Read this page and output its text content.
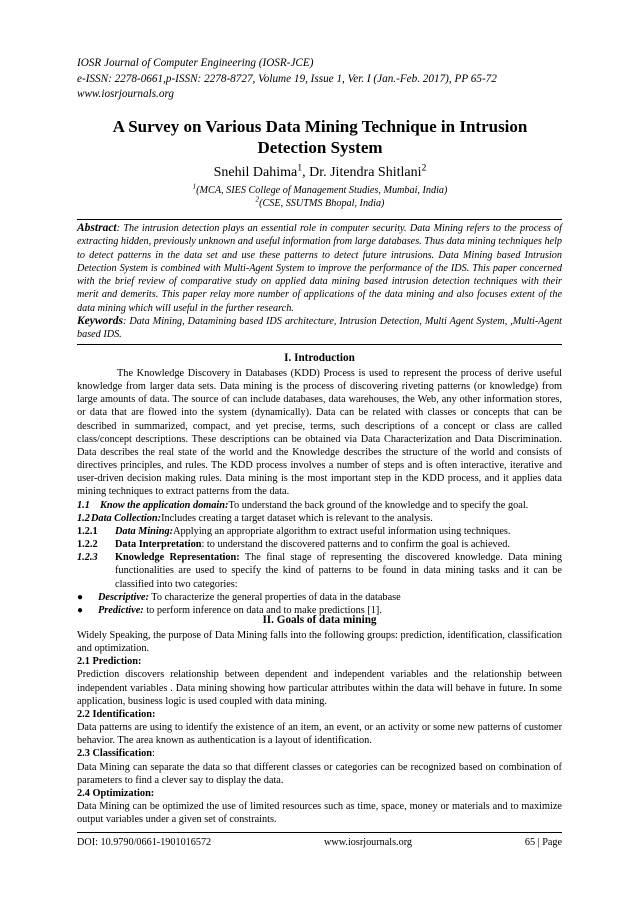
IOSR Journal of Computer Engineering (IOSR-JCE)
e-ISSN: 2278-0661,p-ISSN: 2278-8727, Volume 19, Issue 1, Ver. I (Jan.-Feb. 2017), PP 65-72
www.iosrjournals.org
A Survey on Various Data Mining Technique in Intrusion
Detection System
Snehil Dahima$^1$, Dr. Jitendra Shitlani$^2$
$^1$(MCA, SIES College of Management Studies, Mumbai, India)
$^2$(CSE, SSUTMS Bhopal, India)

Abstract: The intrusion detection plays an essential role in computer security. Data Mining refers to the process of extracting hidden, previously unknown and useful information from large databases. Thus data mining techniques help to detect patterns in the data set and use these patterns to detect future intrusions. Data Mining based Intrusion Detection System is combined with Multi-Agent System to improve the performance of the IDS. This paper concerned with the brief review of comparative study on applied data mining based intrusion detection techniques with their merit and demerits. This paper relay more number of applications of the data mining and also focuses extent of the data mining which will useful in the further research.

Keywords: Data Mining, Datamining based IDS architecture, Intrusion Detection, Multi Agent System, ,Multi-Agent based IDS.

I. Introduction

The Knowledge Discovery in Databases (KDD) Process is used to represent the process of derive useful knowledge from larger data sets. Data mining is the process of discovering riveting patterns (or knowledge) from large amounts of data. The source of can include databases, data warehouses, the Web, any other information stores, or data that are flowed into the system (dynamically). Data can be related with classes or concepts that can be described in summarized, compact, and yet precise, terms, such descriptions of a concept or class are called class/concept descriptions. These descriptions can be obtained via Data Characterization and Data Discrimination. Data describes the real state of the world and the Knowledge describes the structure of the world and consists of directives principles, and rules. The KDD process involves a number of steps and is often interactive, iterative and user-driven decision making rules. Data mining is the most important step in the KDD process, and it applies data mining techniques to extract patterns from the data.

1.1 Know the application domain: To understand the back ground of the knowledge and to specify the goal.
1.2 Data Collection: Includes creating a target dataset which is relevant to the analysis.
1.2.1	Data Mining: Applying an appropriate algorithm to extract useful information using techniques.
1.2.2	Data Interpretation : to understand the discovered patterns and to confirm the goal is achieved.
1.2.3	Knowledge Representation: The final stage of representing the discovered knowledge. Data mining functionalities are used to specify the kind of patterns to be found in data mining tasks and it can be classified into two categories:
●	Descriptive: To characterize the general properties of data in the database
●	Predictive: to perform inference on data and to make predictions [1].
II. Goals of data mining

Widely Speaking, the purpose of Data Mining falls into the following groups: prediction, identification, classification and optimization.

2.1 Prediction:

Prediction discovers relationship between dependent and independent variables and the relationship between independent variables . Data mining showing how particular attributes within the data will behave in future. In some application, business logic is used coupled with data mining.

2.2 Identification:

Data patterns are using to identify the existence of an item, an event, or an activity or some new patterns of customer behavior. The area known as authentication is a layout of identification.

2.3 Classification:

Data Mining can separate the data so that different classes or categories can be recognized based on combination of parameters to find a clever say to display the data.

2.4 Optimization:

Data Mining can be optimized the use of limited resources such as time, space, money or materials and to maximize output variables under a given set of constraints.

DOI: 10.9790/0661-1901016572	www.iosrjournals.org	65 | Page
